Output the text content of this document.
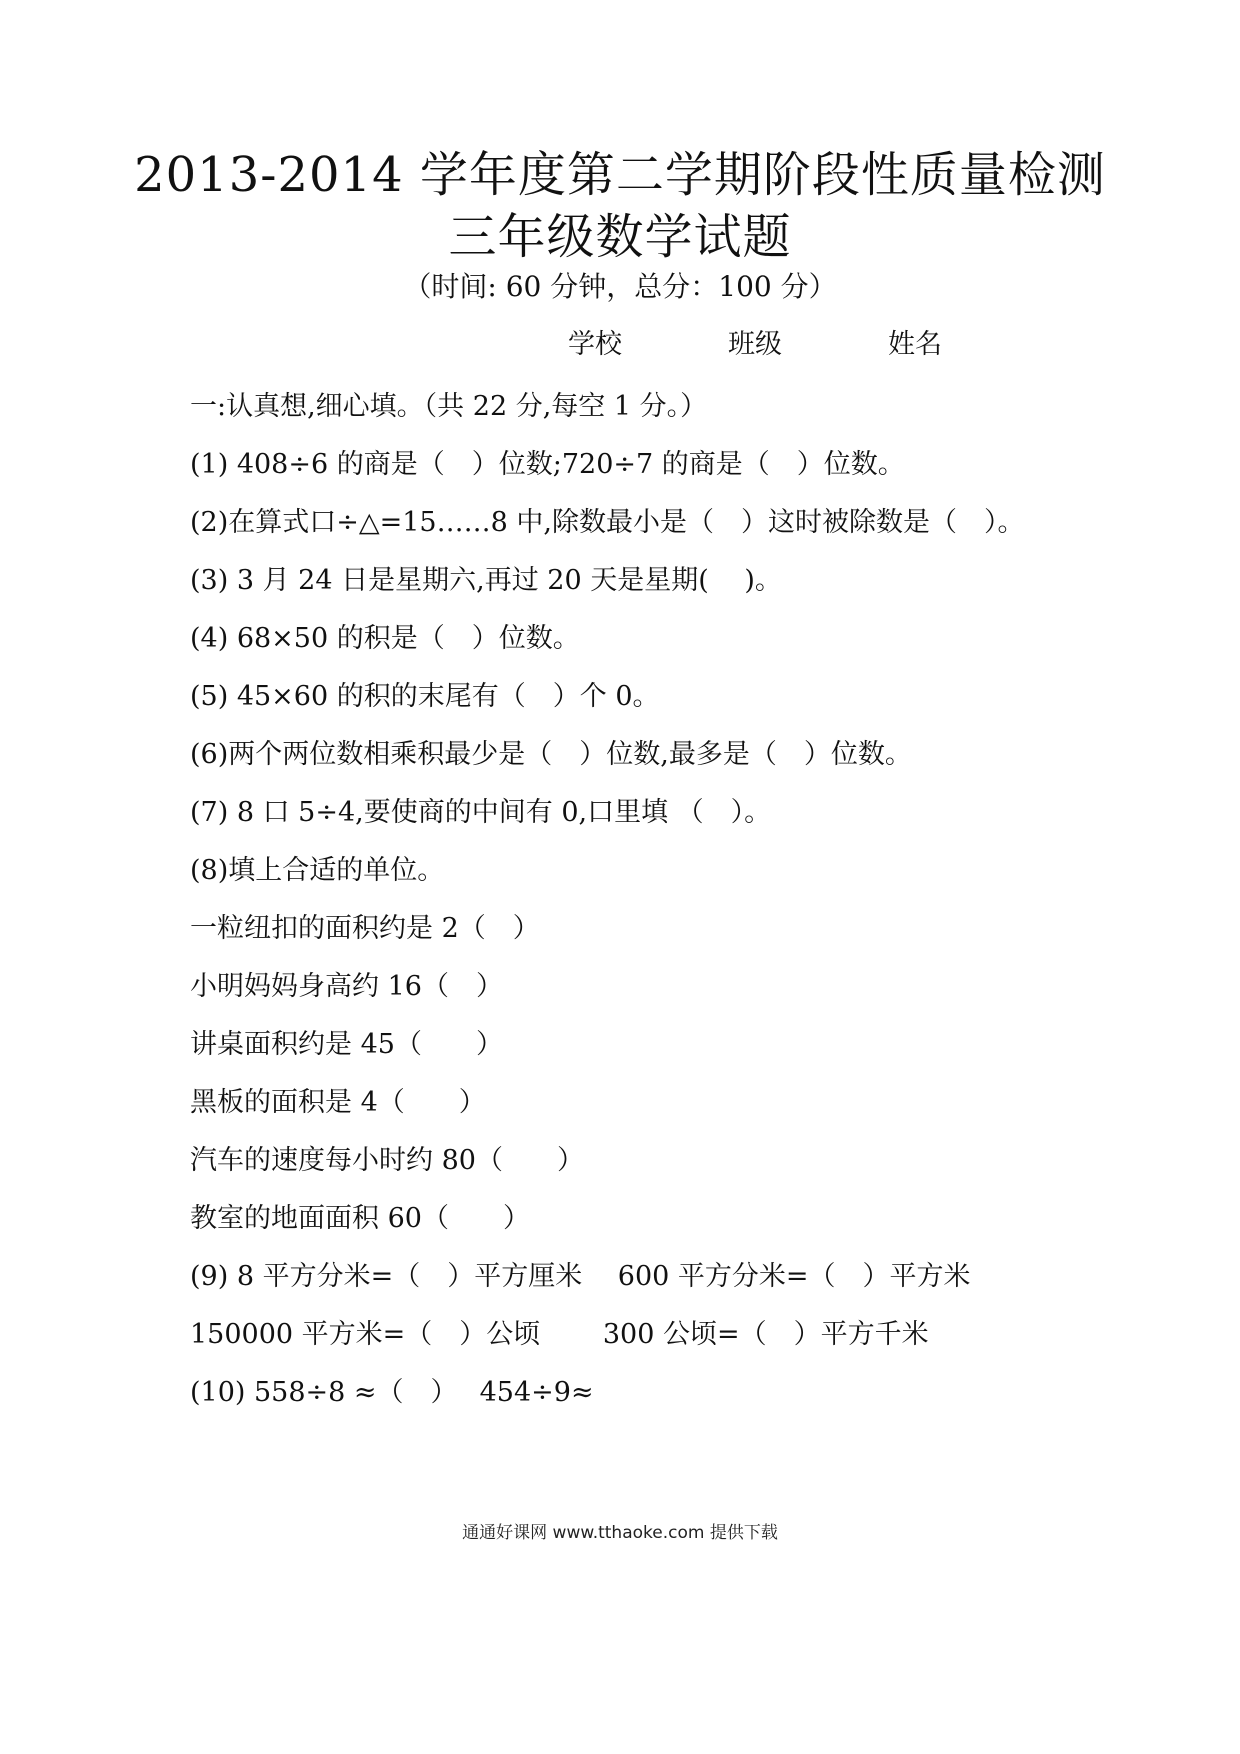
2013-2014 学年度第二学期阶段性质量检测
三年级数学试题
（时间: 60 分钟，总分：100 分）
学校	班级	姓名
一:认真想,细心填。（共 22 分,每空 1 分。）
(1) 408÷6 的商是（　）位数;720÷7 的商是（　）位数。
(2)在算式口÷△=15……8 中,除数最小是（　）这时被除数是（　）。
(3) 3 月 24 日是星期六,再过 20 天是星期(　 )。
(4) 68×50 的积是（　）位数。
(5) 45×60 的积的末尾有（　）个 0。
(6)两个两位数相乘积最少是（　）位数,最多是（　）位数。
(7) 8 口 5÷4,要使商的中间有 0,口里填 （　）。
(8)填上合适的单位。
一粒纽扣的面积约是 2（　）
小明妈妈身高约 16（　）
讲桌面积约是 45（　　）
黑板的面积是 4（　　）
汽车的速度每小时约 80（　　）
教室的地面面积 60（　　）
(9) 8 平方分米=（　）平方厘米　 600 平方分米=（　）平方米
150000 平方米=（　）公顷　　 300 公顷=（　）平方千米
(10) 558÷8 ≈（　）　 454÷9≈
通通好课网 www.tthaoke.com 提供下载
